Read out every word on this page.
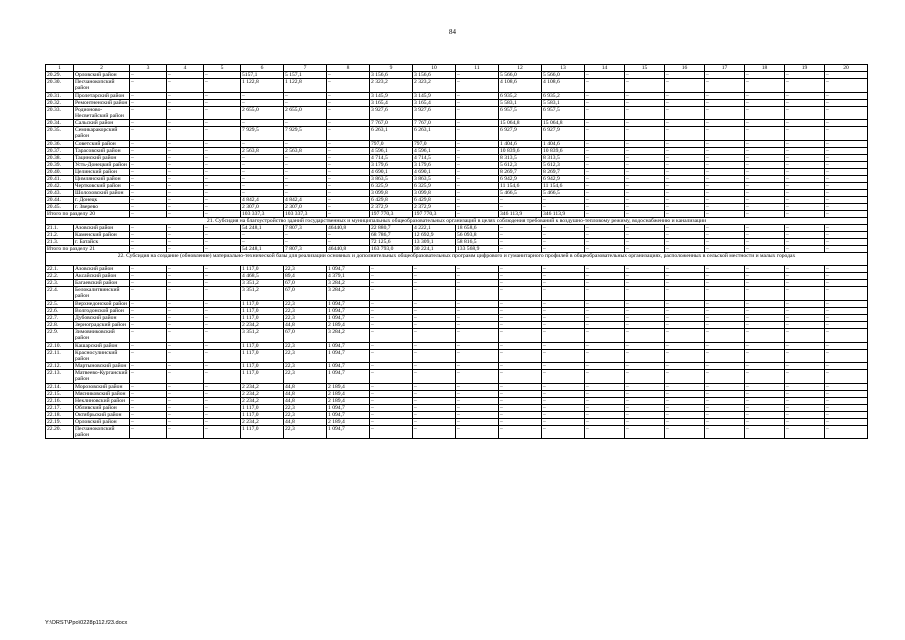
84
1	2	3	4	5	6	7	8	9	10	11	12	13	14	15	16	17	18	19	20
20.29.	Орловский район	–	–	–	5157,1	5 157,1	–	3 156,6	3 156,6	–	5 566,0	5 566,0	–	–	–	–	–	–	–
20.30.	Песчанокопский район	–	–	–	1 122,8	1 122,8	–	2 323,2	2 323,2	–	4 108,6	4 108,6	–	–	–	–	–	–	–
20.31.	Пролетарский район	–	–	–	–	–	–	3 145,9	3 145,9	–	6 935,2	6 935,2	–	–	–	–	–	–	–
20.32.	Ремонтненский район	–	–	–	–	–	–	3 165,4	3 165,4	–	5 583,1	5 583,1	–	–	–	–	–	–	–
20.33.	Родионово-Несветайский район	–	–	–	2 655,0	2 655,0	–	3 927,6	3 927,6	–	6 957,5	6 957,5	–	–	–	–	–	–	–
20.34.	Сальский район	–	–	–	–	–	–	7 767,0	7 767,0	–	15 064,8	15 064,8	–	–	–	–	–	–	–
20.35.	Семикаракорский район	–	–	–	7 929,5	7 929,5	–	6 263,1	6 263,1	–	6 927,9	6 927,9	–	–	–	–	–	–	–
20.36.	Советский район	–	–	–	–	–	–	797,0	797,0	–	1 404,6	1 404,6	–	–	–	–	–	–	–
20.37.	Тарасовский район	–	–	–	2 563,8	2 563,8	–	4 596,1	4 596,1	–	10 839,6	10 839,6	–	–	–	–	–	–	–
20.38.	Тацинский район	–	–	–	–	–	–	4 714,5	4 714,5	–	8 313,5	8 313,5	–	–	–	–	–	–	–
20.39.	Усть-Донецкий район	–	–	–	–	–	–	3 179,6	3 179,6	–	5 612,3	5 612,3	–	–	–	–	–	–	–
20.40.	Целинский район	–	–	–	–	–	–	4 690,1	4 690,1	–	8 269,7	8 269,7	–	–	–	–	–	–	–
20.41.	Цимлянский район	–	–	–	–	–	–	3 863,5	3 863,5	–	6 942,9	6 942,9	–	–	–	–	–	–	–
20.42.	Чертковский район	–	–	–	–	–	–	6 325,9	6 325,9	–	11 154,6	11 154,6	–	–	–	–	–	–	–
20.43.	Шолоховский район	–	–	–	–	–	–	3 099,8	3 099,8	–	5 466,5	5 466,5	–	–	–	–	–	–	–
20.44.	г. Донецк	–	–	–	4 842,4	4 842,4	–	6 429,8	6 429,8	–	–	–	–	–	–	–	–	–	–
20.45.	г. Зверево	–	–	–	2 307,0	2 307,0	–	2 372,9	2 372,9	–	–	–	–	–	–	–	–	–	–
Итого по разделу 20		–	–	–	103 337,3	103 337,3	–	197 770,3	197 770,3	–	346 113,9	346 113,9	–	–	–	–	–	–	–
21. Субсидия на благоустройство зданий государственных и муниципальных общеобразовательных организаций в целях соблюдения требований к воздушно-тепловому режиму, водоснабжению и канализации																			
21.1.	Азовский район	–	–	–	54 248,1	7 807,3	46440,8	22 880,7	4 222,1	18 658,6	–	–	–	–	–	–	–	–	–
21.2.	Каменский район	–	–	–	–	–	–	68 786,7	12 692,9	56 093,8	–	–	–	–	–	–	–	–	–
21.3.	г. Батайск	–	–	–	–	–	–	72 125,6	13 309,1	58 816,5	–	–	–	–	–	–	–	–	–
Итого по разделу 21		–	–	–	54 248,1	7 807,3	46440,8	163 793,0	30 224,1	133 568,9	–	–	–	–	–	–	–	–	–
22. Субсидия на создание (обновление) материально-технической базы для реализации основных и дополнительных общеобразовательных программ цифрового и гуманитарного профилей в общеобразовательных организациях, расположенных в сельской местности и малых городах																			
22.1.	Азовский район	–	–	–	1 117,0	22,3	1 094,7	–	–	–	–	–	–	–	–	–	–	–	–
22.2.	Аксайский район	–	–	–	4 468,5	89,4	4 379,1	–	–	–	–	–	–	–	–	–	–	–	–
22.3.	Багаевский район	–	–	–	3 351,2	67,0	3 284,2	–	–	–	–	–	–	–	–	–	–	–	–
22.4.	Белокалитвинский район	–	–	–	3 351,2	67,0	3 284,2	–	–	–	–	–	–	–	–	–	–	–	–
22.5.	Верхнедонской район	–	–	–	1 117,0	22,3	1 094,7	–	–	–	–	–	–	–	–	–	–	–	–
22.6.	Волгодонской район	–	–	–	1 117,0	22,3	1 094,7	–	–	–	–	–	–	–	–	–	–	–	–
22.7.	Дубовский район	–	–	–	1 117,0	22,3	1 094,7	–	–	–	–	–	–	–	–	–	–	–	–
22.8.	Зерноградский район	–	–	–	2 234,2	44,8	2 189,4	–	–	–	–	–	–	–	–	–	–	–	–
22.9.	Зимовниковский район	–	–	–	3 351,2	67,0	3 284,2	–	–	–	–	–	–	–	–	–	–	–	–
22.10.	Кашарский район	–	–	–	1 117,0	22,3	1 094,7	–	–	–	–	–	–	–	–	–	–	–	–
22.11.	Красносулинский район	–	–	–	1 117,0	22,3	1 094,7	–	–	–	–	–	–	–	–	–	–	–	–
22.12.	Мартыновский район	–	–	–	1 117,0	22,3	1 094,7	–	–	–	–	–	–	–	–	–	–	–	–
22.13.	Матвеево-Курганский район	–	–	–	1 117,0	22,3	1 094,7	–	–	–	–	–	–	–	–	–	–	–	–
22.14.	Морозовский район	–	–	–	2 234,2	44,8	2 189,4	–	–	–	–	–	–	–	–	–	–	–	–
22.15.	Мясниковский район	–	–	–	2 234,2	44,8	2 189,4	–	–	–	–	–	–	–	–	–	–	–	–
22.16.	Неклиновский район	–	–	–	2 234,2	44,8	2 189,4	–	–	–	–	–	–	–	–	–	–	–	–
22.17.	Обливский район	–	–	–	1 117,0	22,3	1 094,7	–	–	–	–	–	–	–	–	–	–	–	–
22.18.	Октябрьский район	–	–	–	1 117,0	22,3	1 094,7	–	–	–	–	–	–	–	–	–	–	–	–
22.19.	Орловский район	–	–	–	2 234,2	44,8	2 189,4	–	–	–	–	–	–	–	–	–	–	–	–
22.20.	Песчанокопский район	–	–	–	1 117,0	22,3	1 094,7	–	–	–	–	–	–	–	–	–	–	–	–
Y:\ORST\Ppo\0228p112.f23.docx
